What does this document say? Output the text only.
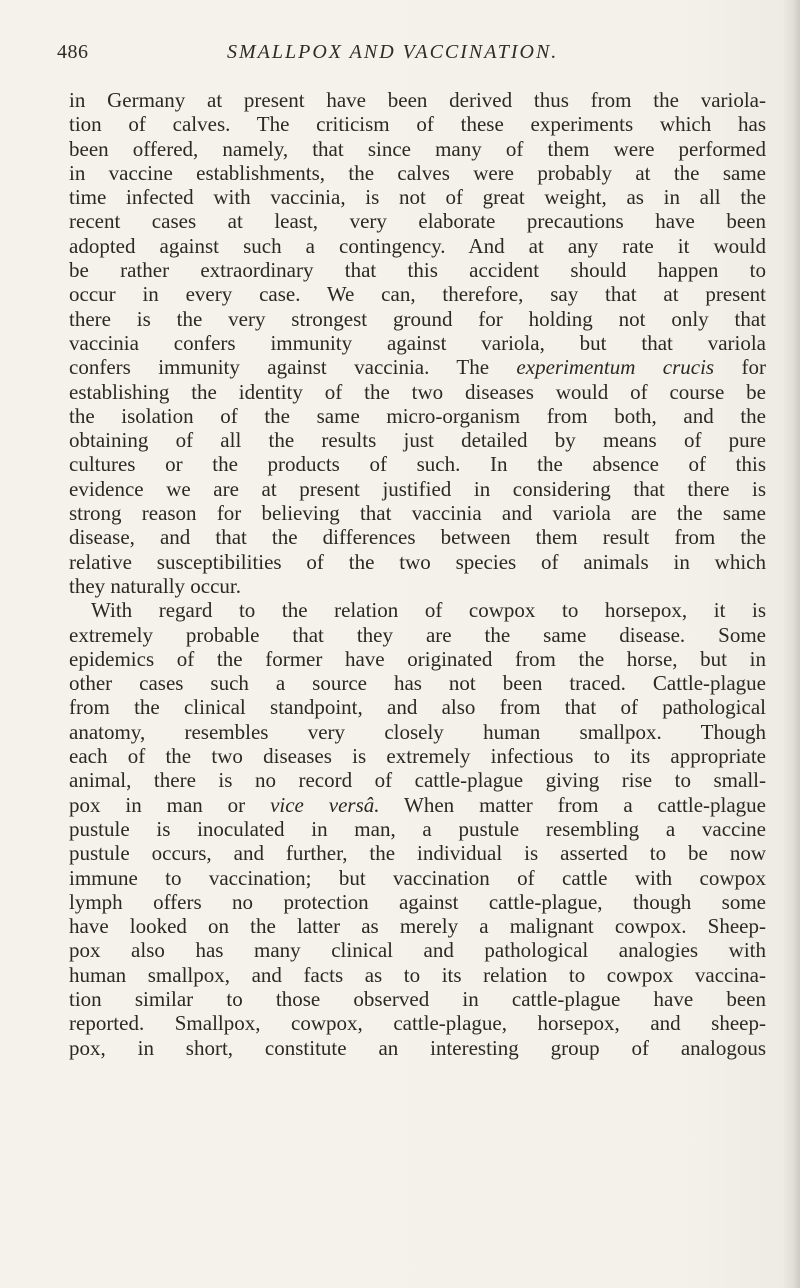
486	SMALLPOX AND VACCINATION.
in Germany at present have been derived thus from the variola-
tion of calves. The criticism of these experiments which has
been offered, namely, that since many of them were performed
in vaccine establishments, the calves were probably at the same
time infected with vaccinia, is not of great weight, as in all the
recent cases at least, very elaborate precautions have been
adopted against such a contingency. And at any rate it would
be rather extraordinary that this accident should happen to
occur in every case. We can, therefore, say that at present
there is the very strongest ground for holding not only that
vaccinia confers immunity against variola, but that variola
confers immunity against vaccinia. The experimentum crucis for
establishing the identity of the two diseases would of course be
the isolation of the same micro-organism from both, and the
obtaining of all the results just detailed by means of pure
cultures or the products of such. In the absence of this
evidence we are at present justified in considering that there is
strong reason for believing that vaccinia and variola are the same
disease, and that the differences between them result from the
relative susceptibilities of the two species of animals in which
they naturally occur.
With regard to the relation of cowpox to horsepox, it is
extremely probable that they are the same disease. Some
epidemics of the former have originated from the horse, but in
other cases such a source has not been traced. Cattle-plague
from the clinical standpoint, and also from that of pathological
anatomy, resembles very closely human smallpox. Though
each of the two diseases is extremely infectious to its appropriate
animal, there is no record of cattle-plague giving rise to small-
pox in man or vice versâ. When matter from a cattle-plague
pustule is inoculated in man, a pustule resembling a vaccine
pustule occurs, and further, the individual is asserted to be now
immune to vaccination; but vaccination of cattle with cowpox
lymph offers no protection against cattle-plague, though some
have looked on the latter as merely a malignant cowpox. Sheep-
pox also has many clinical and pathological analogies with
human smallpox, and facts as to its relation to cowpox vaccina-
tion similar to those observed in cattle-plague have been
reported. Smallpox, cowpox, cattle-plague, horsepox, and sheep-
pox, in short, constitute an interesting group of analogous
